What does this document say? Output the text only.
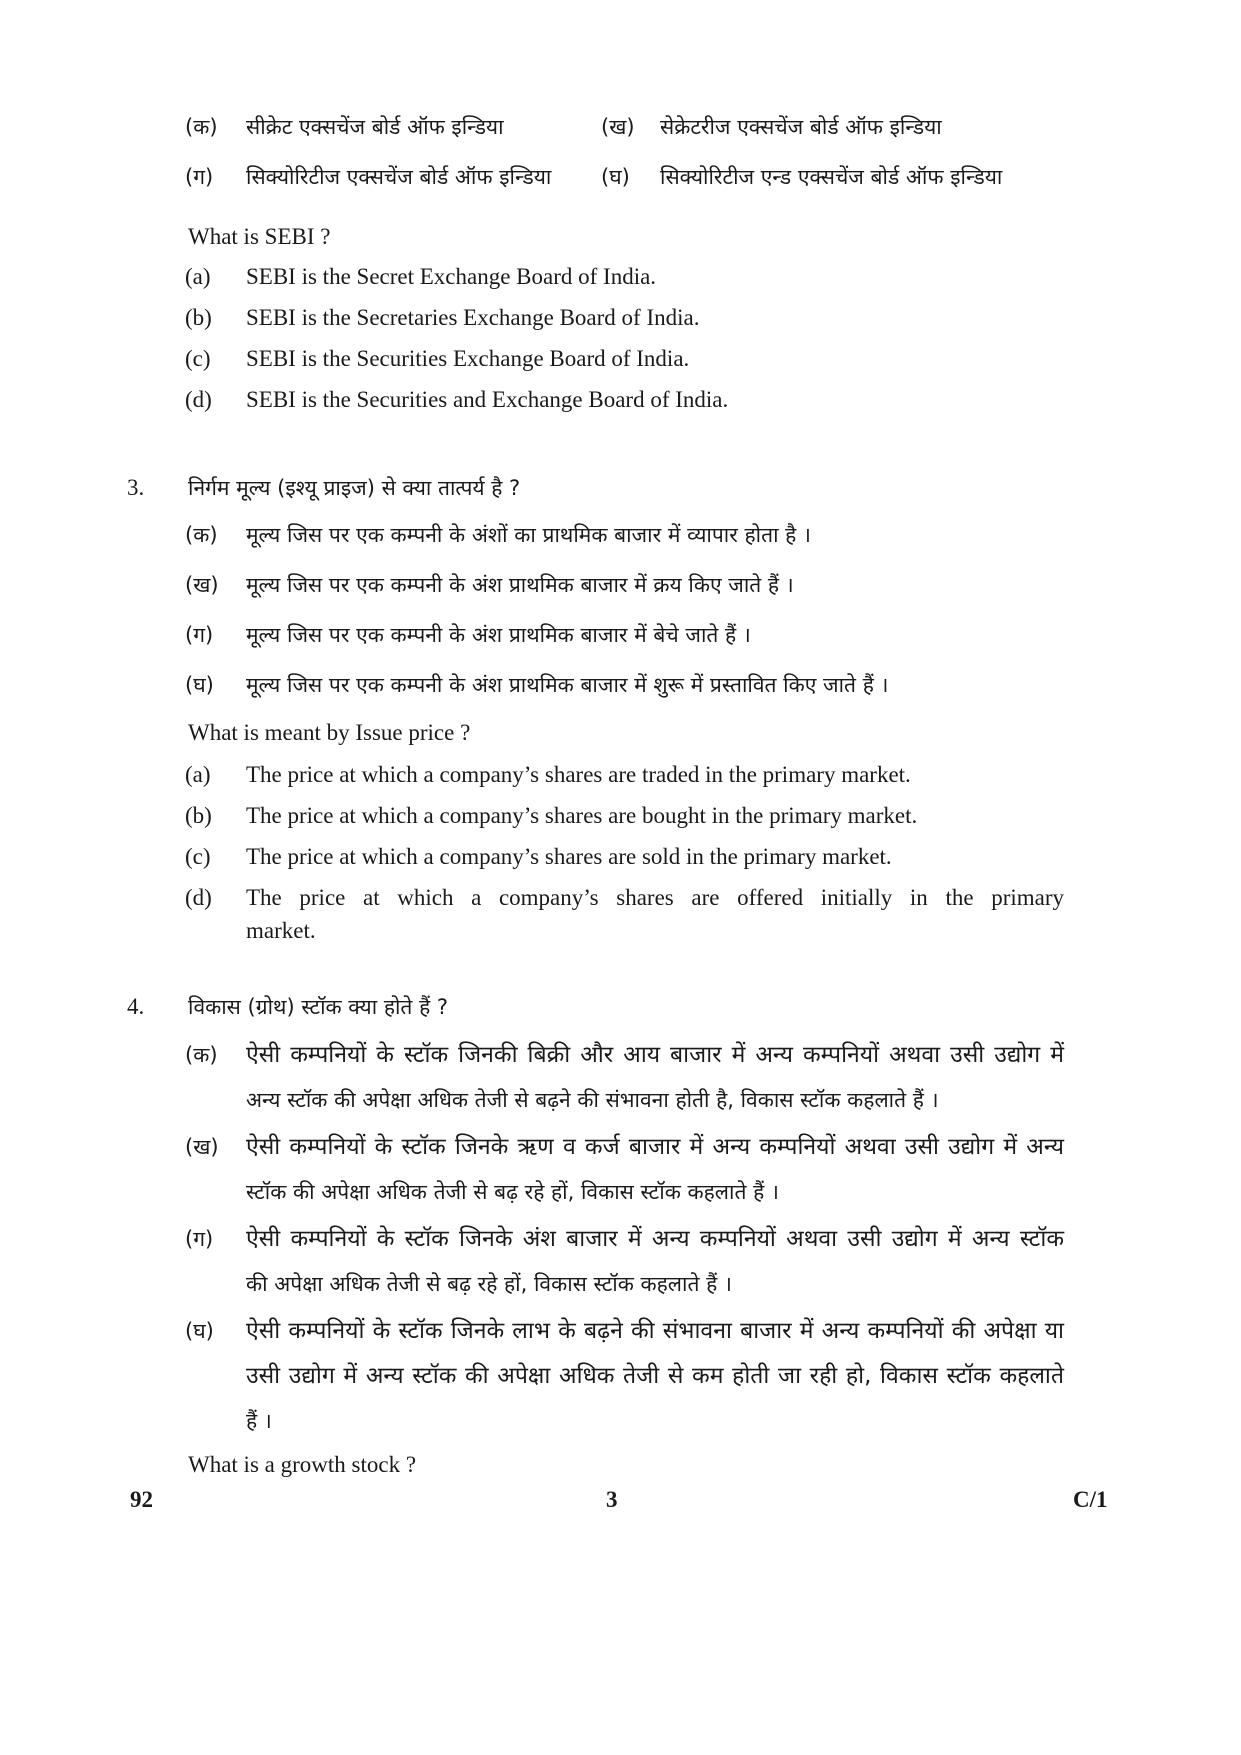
(क) सीक्रेट एक्सचेंज बोर्ड ऑफ इन्डिया	(ख) सेक्रेटरीज एक्सचेंज बोर्ड ऑफ इन्डिया
(ग) सिक्योरिटीज एक्सचेंज बोर्ड ऑफ इन्डिया (घ) सिक्योरिटीज एन्ड एक्सचेंज बोर्ड ऑफ इन्डिया
What is SEBI ?
(a) SEBI is the Secret Exchange Board of India.
(b) SEBI is the Secretaries Exchange Board of India.
(c) SEBI is the Securities Exchange Board of India.
(d) SEBI is the Securities and Exchange Board of India.
3. निर्गम मूल्य (इश्यू प्राइज) से क्या तात्पर्य है ?
(क) मूल्य जिस पर एक कम्पनी के अंशों का प्राथमिक बाजार में व्यापार होता है ।
(ख) मूल्य जिस पर एक कम्पनी के अंश प्राथमिक बाजार में क्रय किए जाते हैं ।
(ग) मूल्य जिस पर एक कम्पनी के अंश प्राथमिक बाजार में बेचे जाते हैं ।
(घ) मूल्य जिस पर एक कम्पनी के अंश प्राथमिक बाजार में शुरू में प्रस्तावित किए जाते हैं ।
What is meant by Issue price ?
(a) The price at which a company’s shares are traded in the primary market.
(b) The price at which a company’s shares are bought in the primary market.
(c) The price at which a company’s shares are sold in the primary market.
(d) The price at which a company’s shares are offered initially in the primary
market.
4. विकास (ग्रोथ) स्टॉक क्या होते हैं ?
(क) ऐसी कम्पनियों के स्टॉक जिनकी बिक्री और आय बाजार में अन्य कम्पनियों अथवा उसी उद्योग में
अन्य स्टॉक की अपेक्षा अधिक तेजी से बढ़ने की संभावना होती है, विकास स्टॉक कहलाते हैं ।
(ख) ऐसी कम्पनियों के स्टॉक जिनके ऋण व कर्ज बाजार में अन्य कम्पनियों अथवा उसी उद्योग में अन्य
स्टॉक की अपेक्षा अधिक तेजी से बढ़ रहे हों, विकास स्टॉक कहलाते हैं ।
(ग) ऐसी कम्पनियों के स्टॉक जिनके अंश बाजार में अन्य कम्पनियों अथवा उसी उद्योग में अन्य स्टॉक
की अपेक्षा अधिक तेजी से बढ़ रहे हों, विकास स्टॉक कहलाते हैं ।
(घ) ऐसी कम्पनियों के स्टॉक जिनके लाभ के बढ़ने की संभावना बाजार में अन्य कम्पनियों की अपेक्षा या
उसी उद्योग में अन्य स्टॉक की अपेक्षा अधिक तेजी से कम होती जा रही हो, विकास स्टॉक कहलाते
हैं ।
What is a growth stock ?
92	3	C/1
